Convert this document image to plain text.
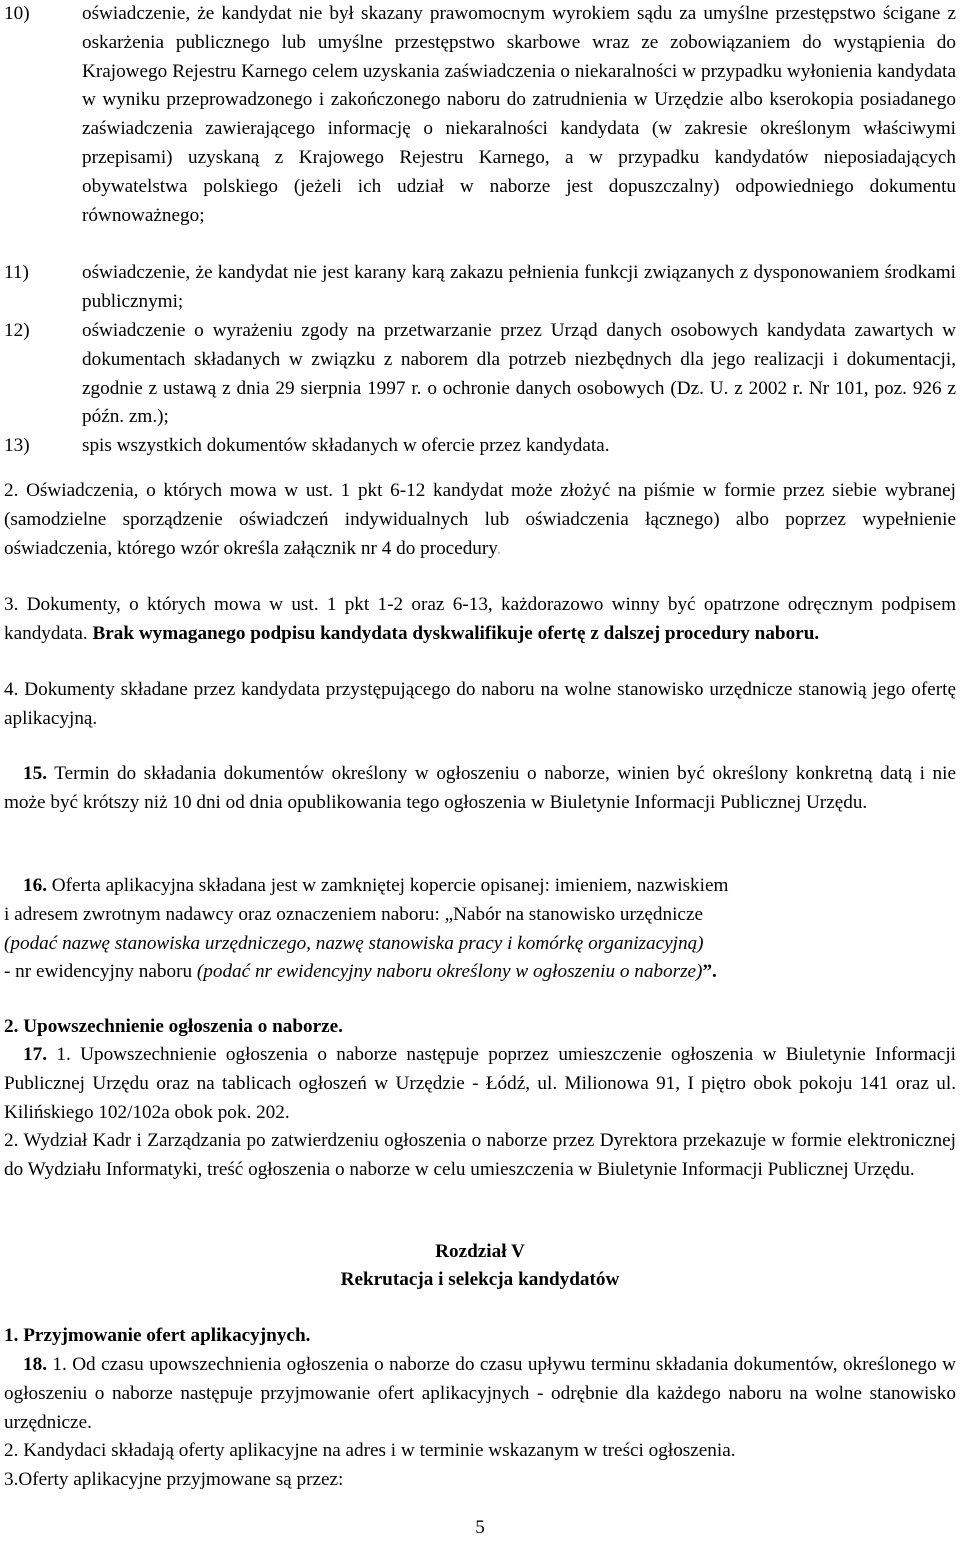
10)	oświadczenie, że kandydat nie był skazany prawomocnym wyrokiem sądu za umyślne przestępstwo ścigane z oskarżenia publicznego lub umyślne przestępstwo skarbowe wraz ze zobowiązaniem do wystąpienia do Krajowego Rejestru Karnego celem uzyskania zaświadczenia o niekaralności w przypadku wyłonienia kandydata w wyniku przeprowadzonego i zakończonego naboru do zatrudnienia w Urzędzie albo kserokopia posiadanego zaświadczenia zawierającego informację o niekaralności kandydata (w zakresie określonym właściwymi przepisami) uzyskaną z Krajowego Rejestru Karnego, a w przypadku kandydatów nieposiadających obywatelstwa polskiego (jeżeli ich udział w naborze jest dopuszczalny) odpowiedniego dokumentu równoważnego;
11)	oświadczenie, że kandydat nie jest karany karą zakazu pełnienia funkcji związanych z dysponowaniem środkami publicznymi;
12)	oświadczenie o wyrażeniu zgody na przetwarzanie przez Urząd danych osobowych kandydata zawartych w dokumentach składanych w związku z naborem dla potrzeb niezbędnych dla jego realizacji i dokumentacji, zgodnie z ustawą z dnia 29 sierpnia 1997 r. o ochronie danych osobowych (Dz. U. z 2002 r. Nr 101, poz. 926 z późn. zm.);
13)	spis wszystkich dokumentów składanych w ofercie przez kandydata.
2. Oświadczenia, o których mowa w ust. 1 pkt 6-12 kandydat może złożyć na piśmie w formie przez siebie wybranej (samodzielne sporządzenie oświadczeń indywidualnych lub oświadczenia łącznego) albo poprzez wypełnienie oświadczenia, którego wzór określa załącznik nr 4 do procedury.
3. Dokumenty, o których mowa w ust. 1 pkt 1-2 oraz 6-13, każdorazowo winny być opatrzone odręcznym podpisem kandydata. Brak wymaganego podpisu kandydata dyskwalifikuje ofertę z dalszej procedury naboru.
4. Dokumenty składane przez kandydata przystępującego do naboru na wolne stanowisko urzędnicze stanowią jego ofertę aplikacyjną.
15. Termin do składania dokumentów określony w ogłoszeniu o naborze, winien być określony konkretną datą i nie może być krótszy niż 10 dni od dnia opublikowania tego ogłoszenia w Biuletynie Informacji Publicznej Urzędu.
16. Oferta aplikacyjna składana jest w zamkniętej kopercie opisanej: imieniem, nazwiskiem
i adresem zwrotnym nadawcy oraz oznaczeniem naboru: „Nabór na stanowisko urzędnicze
(podać nazwę stanowiska urzędniczego, nazwę stanowiska pracy i komórkę organizacyjną)
- nr ewidencyjny naboru (podać nr ewidencyjny naboru określony w ogłoszeniu o naborze)”.
2. Upowszechnienie ogłoszenia o naborze.
17. 1. Upowszechnienie ogłoszenia o naborze następuje poprzez umieszczenie ogłoszenia w Biuletynie Informacji Publicznej Urzędu oraz na tablicach ogłoszeń w Urzędzie - Łódź, ul. Milionowa 91, I piętro obok pokoju 141 oraz ul. Kilińskiego 102/102a obok pok. 202.
2. Wydział Kadr i Zarządzania po zatwierdzeniu ogłoszenia o naborze przez Dyrektora przekazuje w formie elektronicznej do Wydziału Informatyki, treść ogłoszenia o naborze w celu umieszczenia w Biuletynie Informacji Publicznej Urzędu.
Rozdział V
Rekrutacja i selekcja kandydatów
1. Przyjmowanie ofert aplikacyjnych.
18. 1. Od czasu upowszechnienia ogłoszenia o naborze do czasu upływu terminu składania dokumentów, określonego w ogłoszeniu o naborze następuje przyjmowanie ofert aplikacyjnych - odrębnie dla każdego naboru na wolne stanowisko urzędnicze.
2. Kandydaci składają oferty aplikacyjne na adres i w terminie wskazanym w treści ogłoszenia.
3.Oferty aplikacyjne przyjmowane są przez:
5
